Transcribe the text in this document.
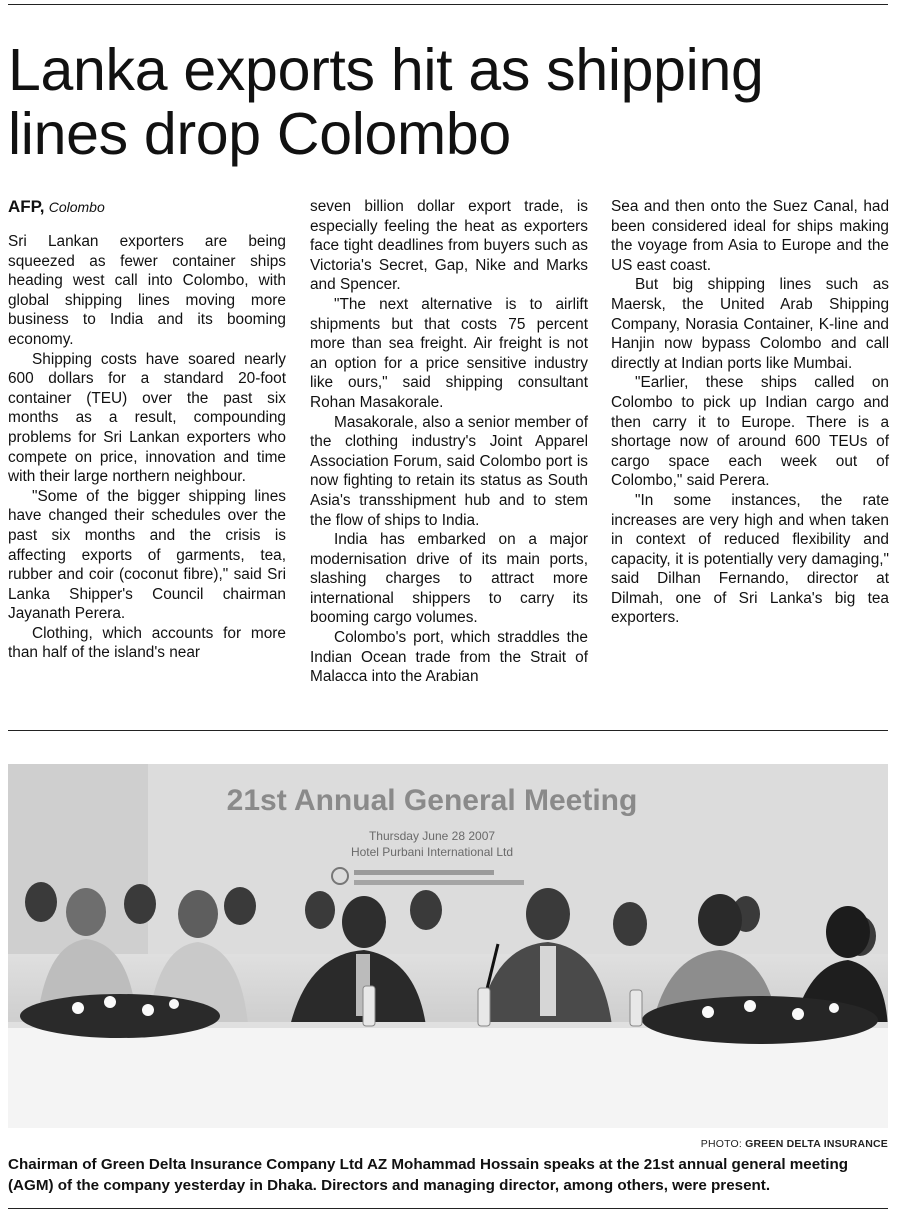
Lanka exports hit as shipping lines drop Colombo
AFP, Colombo

Sri Lankan exporters are being squeezed as fewer container ships heading west call into Colombo, with global shipping lines moving more business to India and its booming economy.

Shipping costs have soared nearly 600 dollars for a standard 20-foot container (TEU) over the past six months as a result, compounding problems for Sri Lankan exporters who compete on price, innovation and time with their large northern neighbour.

"Some of the bigger shipping lines have changed their schedules over the past six months and the crisis is affecting exports of garments, tea, rubber and coir (coconut fibre)," said Sri Lanka Shipper's Council chairman Jayanath Perera.

Clothing, which accounts for more than half of the island's near

seven billion dollar export trade, is especially feeling the heat as exporters face tight deadlines from buyers such as Victoria's Secret, Gap, Nike and Marks and Spencer.

"The next alternative is to airlift shipments but that costs 75 percent more than sea freight. Air freight is not an option for a price sensitive industry like ours," said shipping consultant Rohan Masakorale.

Masakorale, also a senior member of the clothing industry's Joint Apparel Association Forum, said Colombo port is now fighting to retain its status as South Asia's transshipment hub and to stem the flow of ships to India.

India has embarked on a major modernisation drive of its main ports, slashing charges to attract more international shippers to carry its booming cargo volumes.

Colombo's port, which straddles the Indian Ocean trade from the Strait of Malacca into the Arabian

Sea and then onto the Suez Canal, had been considered ideal for ships making the voyage from Asia to Europe and the US east coast.

But big shipping lines such as Maersk, the United Arab Shipping Company, Norasia Container, K-line and Hanjin now bypass Colombo and call directly at Indian ports like Mumbai.

"Earlier, these ships called on Colombo to pick up Indian cargo and then carry it to Europe. There is a shortage now of around 600 TEUs of cargo space each week out of Colombo," said Perera.

"In some instances, the rate increases are very high and when taken in context of reduced flexibility and capacity, it is potentially very damaging," said Dilhan Fernando, director at Dilmah, one of Sri Lanka's big tea exporters.

21st Annual General Meeting
Thursday June 28 2007
Hotel Purbani International Ltd
PHOTO: GREEN DELTA INSURANCE
Chairman of Green Delta Insurance Company Ltd AZ Mohammad Hossain speaks at the 21st annual general meeting (AGM) of the company yesterday in Dhaka. Directors and managing director, among others, were present.
